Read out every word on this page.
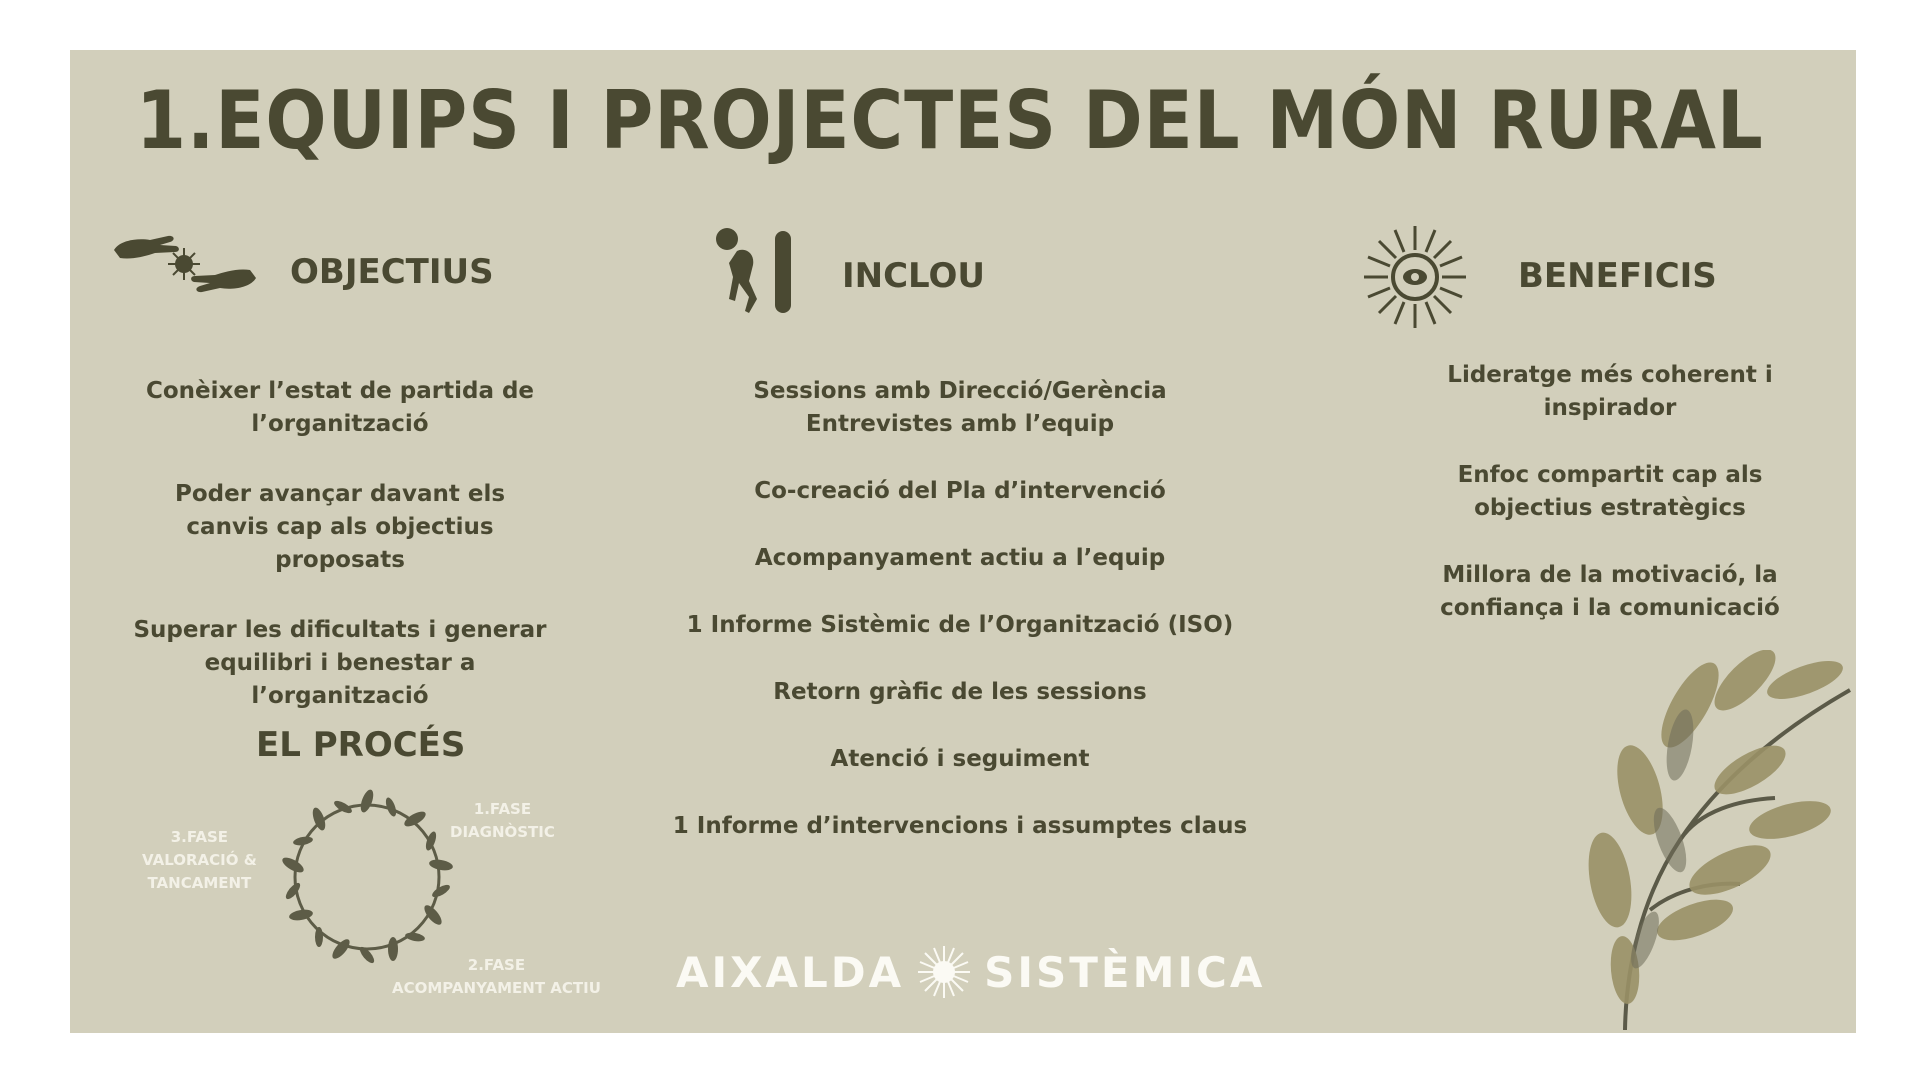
1.EQUIPS I PROJECTES DEL MÓN RURAL
OBJECTIUS

Conèixer l’estat de partida de l’organització

Poder avançar davant els canvis cap als objectius proposats

Superar les dificultats i generar equilibri i benestar a l’organització

EL PROCÉS
1.FASE
DIAGNÒSTIC
2.FASE
ACOMPANYAMENT ACTIU
3.FASE
VALORACIÓ &
TANCAMENT
INCLOU

Sessions amb Direcció/Gerència

Entrevistes amb l’equip

Co-creació del Pla d’intervenció

Acompanyament actiu a l’equip

1 Informe Sistèmic de l’Organització (ISO)

Retorn gràfic de les sessions

Atenció i seguiment

1 Informe d’intervencions i assumptes claus

BENEFICIS

Lideratge més coherent i inspirador

Enfoc compartit cap als objectius estratègics

Millora de la motivació, la confiança i la comunicació

AIXALDA SISTÈMICA
